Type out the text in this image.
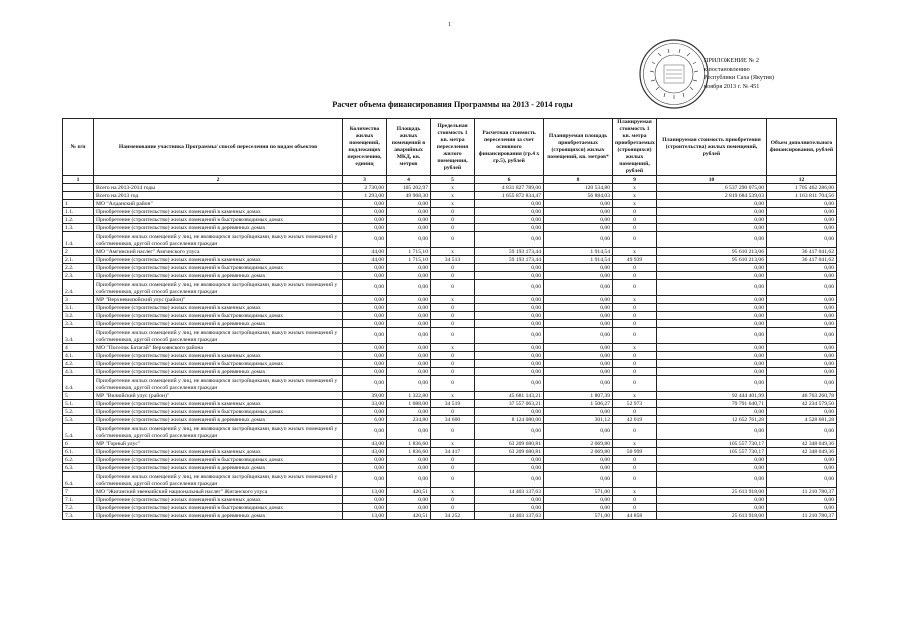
1
ПРИЛОЖЕНИЕ № 2
к постановлению
Республики Саха (Якутия)
ноября 2013 г. № 451
Расчет объема финансирования Программы на 2013 - 2014 годы
№ п/п	Наименование участника Программы/ способ переселения по видам объектов	Количество жилых помещений, подлежащих переселению, единиц	Площадь жилых помещений в аварийных МКД, кв. метров	Предельная стоимость 1 кв. метра переселения жилого помещения, рублей	Расчетная стоимость переселения за счет основного финансирования (гр.4 х гр.5), рублей	Планируемая площадь приобретаемых (строящихся) жилых помещений, кв. метров*	Планируемая стоимость 1 кв. метра приобретаемых (строящихся) жилых помещений, рублей	Планируемая стоимость приобретения (строительства) жилых помещений, рублей	Объем дополнительного финансирования, рублей
1	2	3	4	5	6	8	9	10	12
	Всего на 2013-2014 годы	2 730,00	105 202,97	x	4 831 827 789,00	120 534,80	x	6 537 290 075,00	1 705 462 286,00
	Всего на 2013 год	1 293,00	49 968,30	x	1 655 872 834,47	56 884,03	x	2 819 684 539,03	1 163 811 704,56
1	МО "Алданский район"	0,00	0,00	x	0,00	0,00	x	0,00	0,00
1.1.	Приобретение (строительство) жилых помещений в каменных домах	0,00	0,00	0	0,00	0,00	0	0,00	0,00
1.2.	Приобретение (строительство) жилых помещений в быстровозводимых домах	0,00	0,00	0	0,00	0,00	0	0,00	0,00
1.3.	Приобретение (строительство) жилых помещений в деревянных домах	0,00	0,00	0	0,00	0,00	0	0,00	0,00
1.4.	Приобретение жилых помещений у лиц, не являющихся застройщиками, выкуп жилых помещений у собственников, другой способ расселения граждан	0,00	0,00	0	0,00	0,00	0	0,00	0,00
2	МО "Амгинский наслег" Амгинского улуса	44,00	1 715,10	x	59 193 173,44	1 914,54	x	95 610 213,06	36 417 041,62
2.1.	Приобретение (строительство) жилых помещений в каменных домах	44,00	1 715,10	34 513	59 193 173,44	1 914,54	49 939	95 610 213,06	36 417 041,62
2.2.	Приобретение (строительство) жилых помещений в быстровозводимых домах	0,00	0,00	0	0,00	0,00	0	0,00	0,00
2.3.	Приобретение (строительство) жилых помещений в деревянных домах	0,00	0,00	0	0,00	0,00	0	0,00	0,00
2.4.	Приобретение жилых помещений у лиц, не являющихся застройщиками, выкуп жилых помещений у собственников, другой способ расселения граждан	0,00	0,00	0	0,00	0,00	0	0,00	0,00
3	МР "Верхневилюйский улус (район)"	0,00	0,00	x	0,00	0,00	x	0,00	0,00
3.1.	Приобретение (строительство) жилых помещений в каменных домах	0,00	0,00	0	0,00	0,00	0	0,00	0,00
3.2.	Приобретение (строительство) жилых помещений в быстровозводимых домах	0,00	0,00	0	0,00	0,00	0	0,00	0,00
3.3.	Приобретение (строительство) жилых помещений в деревянных домах	0,00	0,00	0	0,00	0,00	0	0,00	0,00
3.4.	Приобретение жилых помещений у лиц, не являющихся застройщиками, выкуп жилых помещений у собственников, другой способ расселения граждан	0,00	0,00	0	0,00	0,00	0	0,00	0,00
4	МО "Поселок Батагай" Верхоянского района	0,00	0,00	x	0,00	0,00	x	0,00	0,00
4.1.	Приобретение (строительство) жилых помещений в каменных домах	0,00	0,00	0	0,00	0,00	0	0,00	0,00
4.2.	Приобретение (строительство) жилых помещений в быстровозводимых домах	0,00	0,00	0	0,00	0,00	0	0,00	0,00
4.3.	Приобретение (строительство) жилых помещений в деревянных домах	0,00	0,00	0	0,00	0,00	0	0,00	0,00
4.4.	Приобретение жилых помещений у лиц, не являющихся застройщиками, выкуп жилых помещений у собственников, другой способ расселения граждан	0,00	0,00	0	0,00	0,00	0	0,00	0,00
5	МР "Вилюйский улус (район)"	39,00	1 322,80	x	45 681 143,21	1 807,39	x	92 444 401,99	46 763 260,78
5.1.	Приобретение (строительство) жилых помещений в каменных домах	33,00	1 088,00	34 519	37 557 063,21	1 506,27	52 973	79 791 640,71	42 234 579,50
5.2.	Приобретение (строительство) жилых помещений в быстровозводимых домах	0,00	0,00	0	0,00	0,00	0	0,00	0,00
5.3.	Приобретение (строительство) жилых помещений в деревянных домах	6,00	234,80	34 600	8 124 080,00	301,12	42 019	12 652 761,28	4 528 681,28
5.4.	Приобретение жилых помещений у лиц, не являющихся застройщиками, выкуп жилых помещений у собственников, другой способ расселения граждан	0,00	0,00	0	0,00	0,00	0	0,00	0,00
6	МР "Горный улус"	43,00	1 836,60	x	63 209 680,81	2 069,80	x	105 557 730,17	42 348 049,36
6.1.	Приобретение (строительство) жилых помещений в каменных домах	43,00	1 836,60	34 417	63 209 680,81	2 069,80	50 999	105 557 730,17	42 348 049,36
6.2.	Приобретение (строительство) жилых помещений в быстровозводимых домах	0,00	0,00	0	0,00	0,00	0	0,00	0,00
6.3.	Приобретение (строительство) жилых помещений в деревянных домах	0,00	0,00	0	0,00	0,00	0	0,00	0,00
6.4.	Приобретение жилых помещений у лиц, не являющихся застройщиками, выкуп жилых помещений у собственников, другой способ расселения граждан	0,00	0,00	0	0,00	0,00	0	0,00	0,00
7	МО "Жиганский эвенкийский национальный наслег" Жиганского улуса	13,00	420,51	x	14 403 137,63	571,00	x	25 613 918,00	11 210 780,37
7.1.	Приобретение (строительство) жилых помещений в каменных домах	0,00	0,00	0	0,00	0,00	0	0,00	0,00
7.2.	Приобретение (строительство) жилых помещений в быстровозводимых домах	0,00	0,00	0	0,00	0,00	0	0,00	0,00
7.3.	Приобретение (строительство) жилых помещений в деревянных домах	13,00	420,51	34 252	14 403 137,63	571,00	44 858	25 613 918,00	11 210 780,37
